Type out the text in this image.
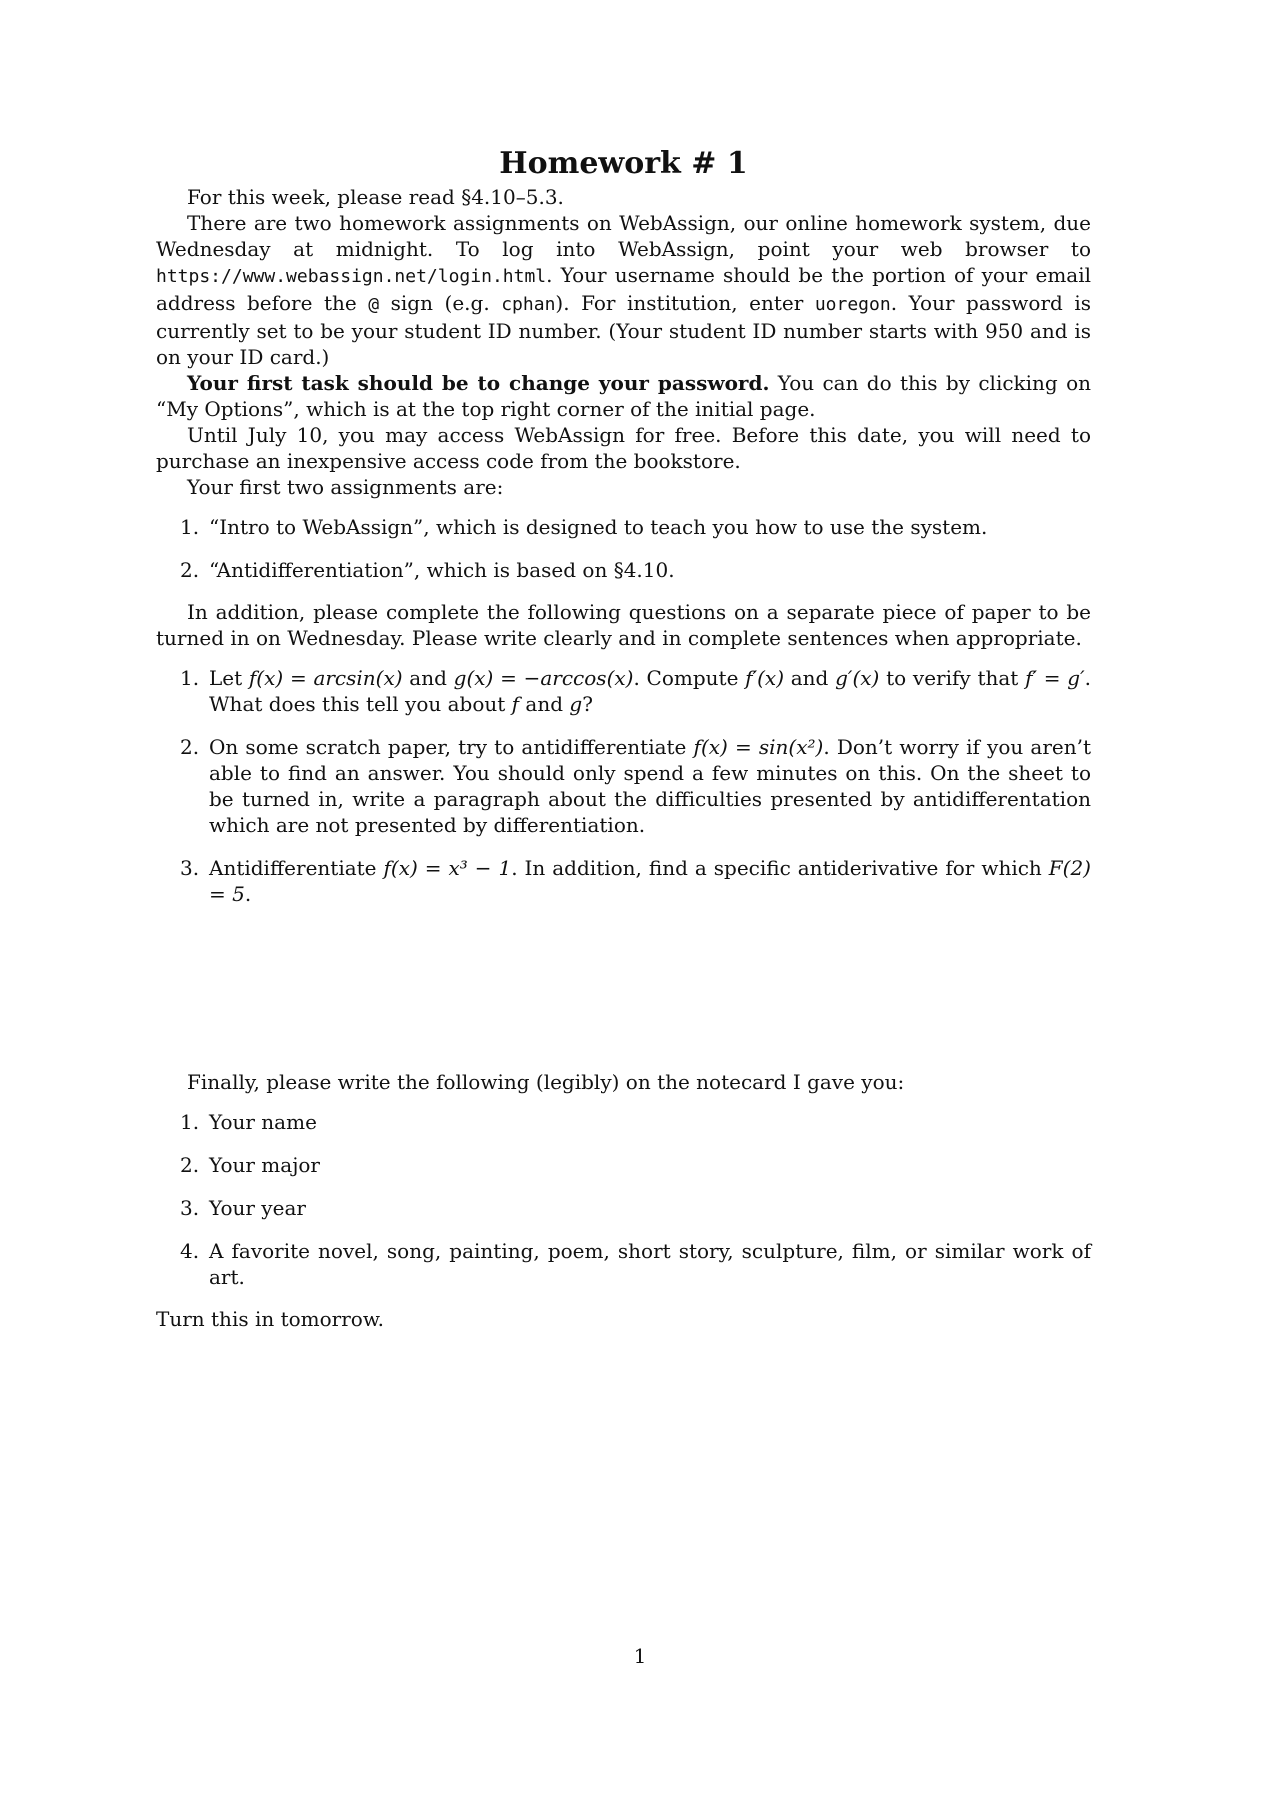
Homework # 1

For this week, please read §4.10–5.3.

There are two homework assignments on WebAssign, our online homework system, due Wednesday at midnight. To log into WebAssign, point your web browser to https://www.webassign.net/login.html. Your username should be the portion of your email address before the @ sign (e.g. cphan). For institution, enter uoregon. Your password is currently set to be your student ID number. (Your student ID number starts with 950 and is on your ID card.)

Your first task should be to change your password. You can do this by clicking on “My Options”, which is at the top right corner of the initial page.

Until July 10, you may access WebAssign for free. Before this date, you will need to purchase an inexpensive access code from the bookstore.

Your first two assignments are:

1. “Intro to WebAssign”, which is designed to teach you how to use the system.
2. “Antidifferentiation”, which is based on §4.10.

In addition, please complete the following questions on a separate piece of paper to be turned in on Wednesday. Please write clearly and in complete sentences when appropriate.

1. Let f(x) = arcsin(x) and g(x) = −arccos(x). Compute f′(x) and g′(x) to verify that f′ = g′. What does this tell you about f and g?
2. On some scratch paper, try to antidifferentiate f(x) = sin(x²). Don’t worry if you aren’t able to find an answer. You should only spend a few minutes on this. On the sheet to be turned in, write a paragraph about the difficulties presented by antidifferentation which are not presented by differentiation.
3. Antidifferentiate f(x) = x³ − 1. In addition, find a specific antiderivative for which F(2) = 5.

Finally, please write the following (legibly) on the notecard I gave you:

1. Your name
2. Your major
3. Your year
4. A favorite novel, song, painting, poem, short story, sculpture, film, or similar work of art.

Turn this in tomorrow.

1
